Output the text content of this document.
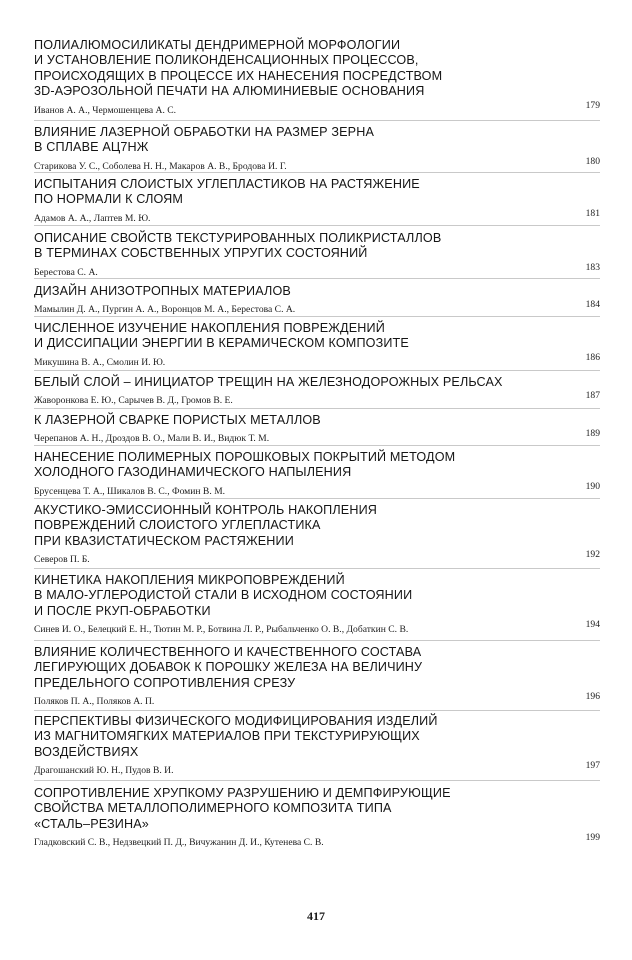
ПОЛИАЛЮМОСИЛИКАТЫ ДЕНДРИМЕРНОЙ МОРФОЛОГИИ
И УСТАНОВЛЕНИЕ ПОЛИКОНДЕНСАЦИОННЫХ ПРОЦЕССОВ,
ПРОИСХОДЯЩИХ В ПРОЦЕССЕ ИХ НАНЕСЕНИЯ ПОСРЕДСТВОМ
3D-АЭРОЗОЛЬНОЙ ПЕЧАТИ НА АЛЮМИНИЕВЫЕ ОСНОВАНИЯ
Иванов А. А., Чермошенцева А. С.	179
ВЛИЯНИЕ ЛАЗЕРНОЙ ОБРАБОТКИ НА РАЗМЕР ЗЕРНА
В СПЛАВЕ АЦ7НЖ
Старикова У. С., Соболева Н. Н., Макаров А. В., Бродова И. Г.	180
ИСПЫТАНИЯ СЛОИСТЫХ УГЛЕПЛАСТИКОВ НА РАСТЯЖЕНИЕ
ПО НОРМАЛИ К СЛОЯМ
Адамов А. А., Лаптев М. Ю.	181
ОПИСАНИЕ СВОЙСТВ ТЕКСТУРИРОВАННЫХ ПОЛИКРИСТАЛЛОВ
В ТЕРМИНАХ СОБСТВЕННЫХ УПРУГИХ СОСТОЯНИЙ
Берестова С. А.	183
ДИЗАЙН АНИЗОТРОПНЫХ МАТЕРИАЛОВ
Мамылин Д. А., Пургин А. А., Воронцов М. А., Берестова С. А.	184
ЧИСЛЕННОЕ ИЗУЧЕНИЕ НАКОПЛЕНИЯ ПОВРЕЖДЕНИЙ
И ДИССИПАЦИИ ЭНЕРГИИ В КЕРАМИЧЕСКОМ КОМПОЗИТЕ
Микушина В. А., Смолин И. Ю.	186
БЕЛЫЙ СЛОЙ – ИНИЦИАТОР ТРЕЩИН НА ЖЕЛЕЗНОДОРОЖНЫХ РЕЛЬСАХ
Жаворонкова Е. Ю., Сарычев В. Д., Громов В. Е.	187
К ЛАЗЕРНОЙ СВАРКЕ ПОРИСТЫХ МЕТАЛЛОВ
Черепанов А. Н., Дроздов В. О., Мали В. И., Видюк Т. М.	189
НАНЕСЕНИЕ ПОЛИМЕРНЫХ ПОРОШКОВЫХ ПОКРЫТИЙ МЕТОДОМ
ХОЛОДНОГО ГАЗОДИНАМИЧЕСКОГО НАПЫЛЕНИЯ
Брусенцева Т. А., Шикалов В. С., Фомин В. М.	190
АКУСТИКО-ЭМИССИОННЫЙ КОНТРОЛЬ НАКОПЛЕНИЯ
ПОВРЕЖДЕНИЙ СЛОИСТОГО УГЛЕПЛАСТИКА
ПРИ КВАЗИСТАТИЧЕСКОМ РАСТЯЖЕНИИ
Северов П. Б.	192
КИНЕТИКА НАКОПЛЕНИЯ МИКРОПОВРЕЖДЕНИЙ
В МАЛО-УГЛЕРОДИСТОЙ СТАЛИ В ИСХОДНОМ СОСТОЯНИИ
И ПОСЛЕ РКУП-ОБРАБОТКИ
Синев И. О., Белецкий Е. Н., Тютин М. Р., Ботвина Л. Р., Рыбальченко О. В., Добаткин С. В.	194
ВЛИЯНИЕ КОЛИЧЕСТВЕННОГО И КАЧЕСТВЕННОГО СОСТАВА
ЛЕГИРУЮЩИХ ДОБАВОК К ПОРОШКУ ЖЕЛЕЗА НА ВЕЛИЧИНУ
ПРЕДЕЛЬНОГО СОПРОТИВЛЕНИЯ СРЕЗУ
Поляков П. А., Поляков А. П.	196
ПЕРСПЕКТИВЫ ФИЗИЧЕСКОГО МОДИФИЦИРОВАНИЯ ИЗДЕЛИЙ
ИЗ МАГНИТОМЯГКИХ МАТЕРИАЛОВ ПРИ ТЕКСТУРИРУЮЩИХ
ВОЗДЕЙСТВИЯХ
Драгошанский Ю. Н., Пудов В. И.	197
СОПРОТИВЛЕНИЕ ХРУПКОМУ РАЗРУШЕНИЮ И ДЕМПФИРУЮЩИЕ
СВОЙСТВА МЕТАЛЛОПОЛИМЕРНОГО КОМПОЗИТА ТИПА
«СТАЛЬ–РЕЗИНА»
Гладковский С. В., Недзвецкий П. Д., Вичужанин Д. И., Кутенева С. В.	199
417
